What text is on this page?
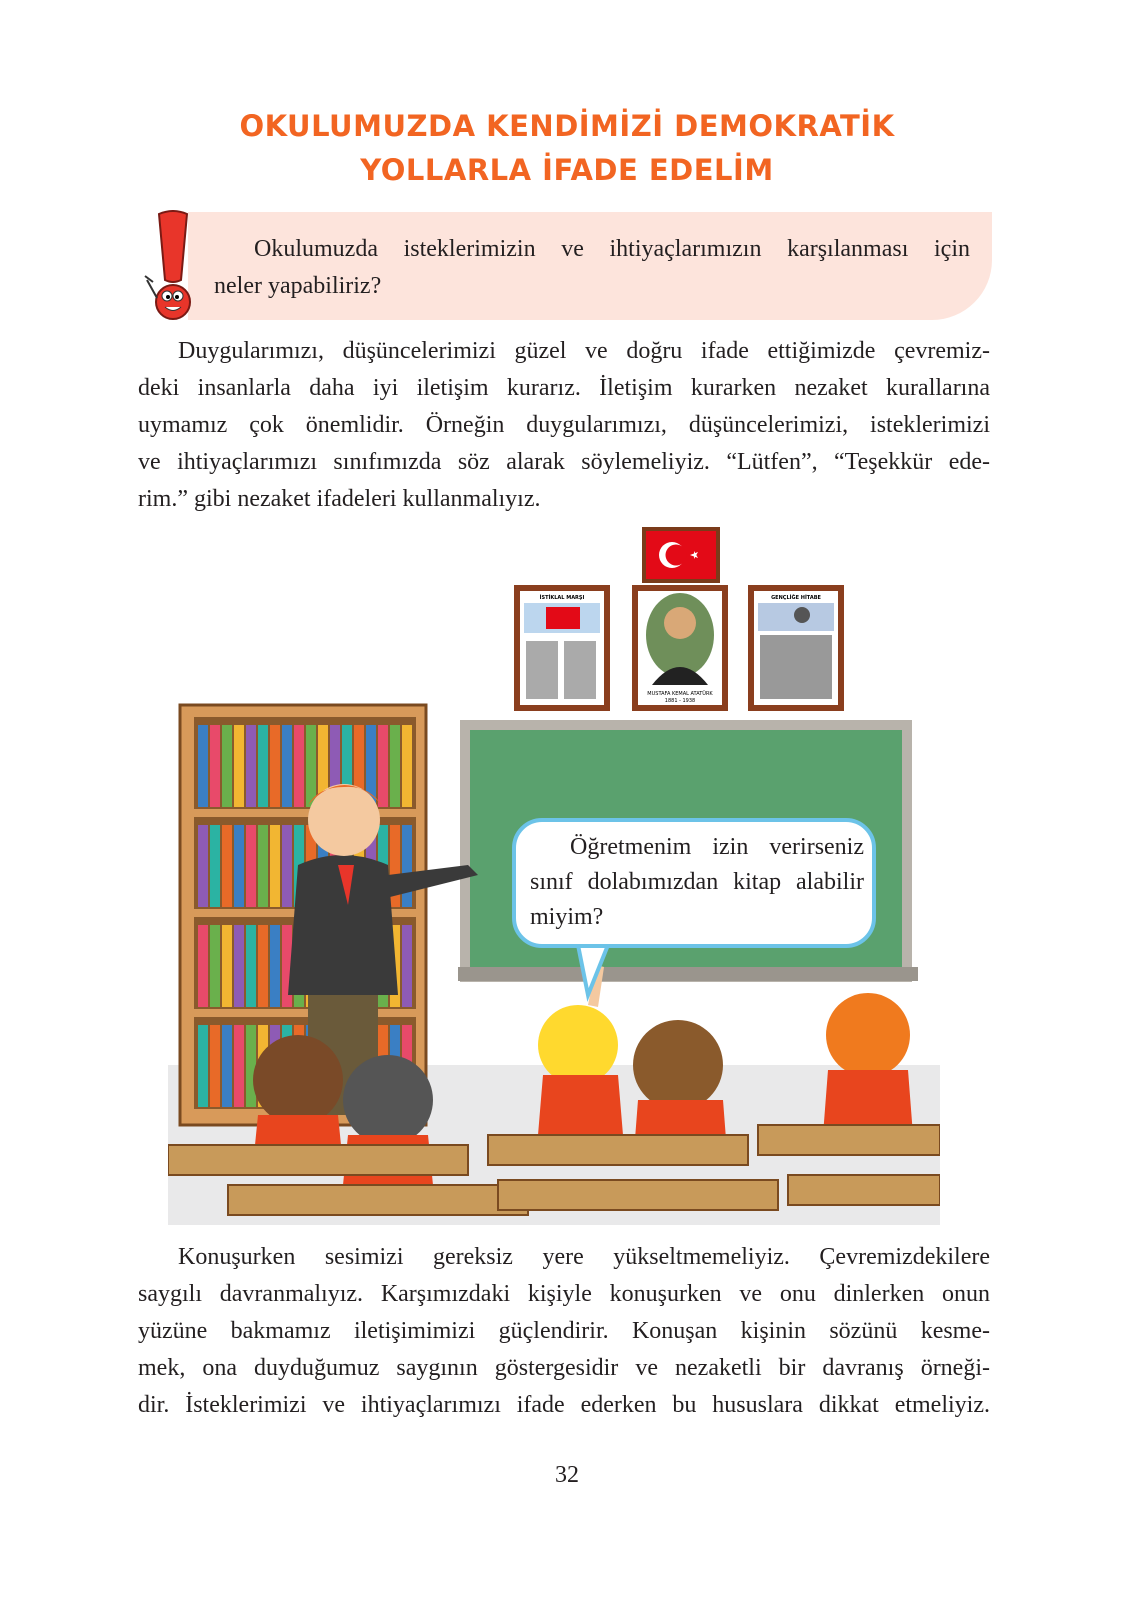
OKULUMUZDA KENDİMİZİ DEMOKRATİK
YOLLARLA İFADE EDELİM
Okulumuzda isteklerimizin ve ihtiyaçlarımızın karşılanması için
neler yapabiliriz?
Duygularımızı, düşüncelerimizi güzel ve doğru ifade ettiğimizde çevremiz-
deki insanlarla daha iyi iletişim kurarız. İletişim kurarken nezaket kurallarına
uymamız çok önemlidir. Örneğin duygularımızı, düşüncelerimizi, isteklerimizi
ve ihtiyaçlarımızı sınıfımızda söz alarak söylemeliyiz. “Lütfen”, “Teşekkür ede-
rim.” gibi nezaket ifadeleri kullanmalıyız.
İSTİKLAL MARŞI
MUSTAFA KEMAL ATATÜRK
1881 - 1938
GENÇLİĞE HİTABE
Öğretmenim izin verirseniz
sınıf dolabımızdan kitap alabilir
miyim?
Konuşurken sesimizi gereksiz yere yükseltmemeliyiz. Çevremizdekilere
saygılı davranmalıyız. Karşımızdaki kişiyle konuşurken ve onu dinlerken onun
yüzüne bakmamız iletişimimizi güçlendirir. Konuşan kişinin sözünü kesme-
mek, ona duyduğumuz saygının göstergesidir ve nezaketli bir davranış örneği-
dir. İsteklerimizi ve ihtiyaçlarımızı ifade ederken bu hususlara dikkat etmeliyiz.
32
